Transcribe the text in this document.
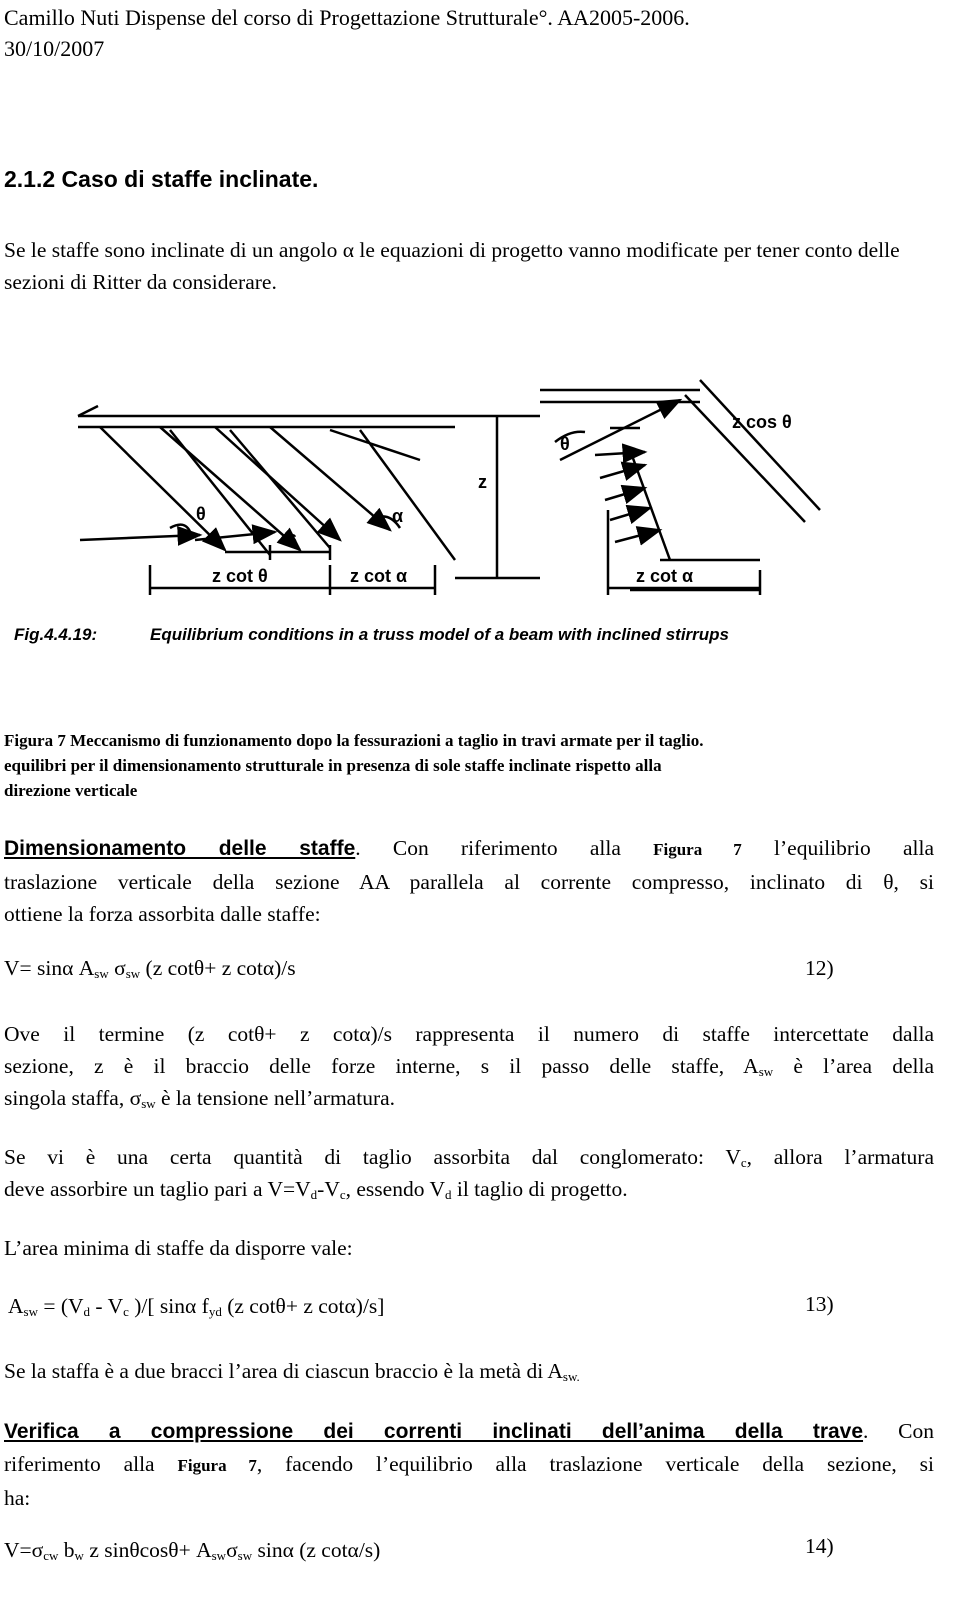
Camillo Nuti Dispense del corso di Progettazione Strutturale°. AA2005-2006.
30/10/2007
2.1.2 Caso di staffe inclinate.
Se le staffe sono inclinate di un angolo α le equazioni di progetto vanno modificate per tener conto delle sezioni di Ritter da considerare.
z cos θ
θ
z
θ	α
s
z cot θ	z cot α	z cot α
Fig.4.4.19:	Equilibrium conditions in a truss model of a beam with inclined stirrups
Figura 7 Meccanismo di funzionamento dopo la fessurazioni a taglio in travi armate per il taglio.
equilibri per il dimensionamento strutturale in presenza di sole staffe inclinate rispetto alla
direzione verticale
Dimensionamento delle staffe. Con riferimento alla Figura 7 l’equilibrio alla
traslazione verticale della sezione AA parallela al corrente compresso, inclinato di θ, si
ottiene la forza assorbita dalle staffe:
V= sinα $A_{sw}$ $\sigma_{sw}$ (z cotθ+ z cotα)/s	12)
Ove il termine (z cotθ+ z cotα)/s rappresenta il numero di staffe intercettate dalla
sezione, z è il braccio delle forze interne, s il passo delle staffe, $A_{sw}$ è l’area della
singola staffa, $\sigma_{sw}$ è la tensione nell’armatura.
Se vi è una certa quantità di taglio assorbita dal conglomerato: $V_c$, allora l’armatura
deve assorbire un taglio pari a $V=V_d-V_c$, essendo $V_d$ il taglio di progetto.
L’area minima di staffe da disporre vale:
$A_{sw} = (V_d - V_c$ )/[ sinα $f_{yd}$ (z cotθ+ z cotα)/s]	13)
Se la staffa è a due bracci l’area di ciascun braccio è la metà di $A_{sw.}$
Verifica a compressione dei correnti inclinati dell’anima della trave. Con
riferimento alla Figura 7, facendo l’equilibrio alla traslazione verticale della sezione, si
ha:
$V=\sigma_{cw}$ $b_w$ z $\sin\theta\cos\theta+ A_{sw}\sigma_{sw}$ sinα (z cotα/s)	14)
